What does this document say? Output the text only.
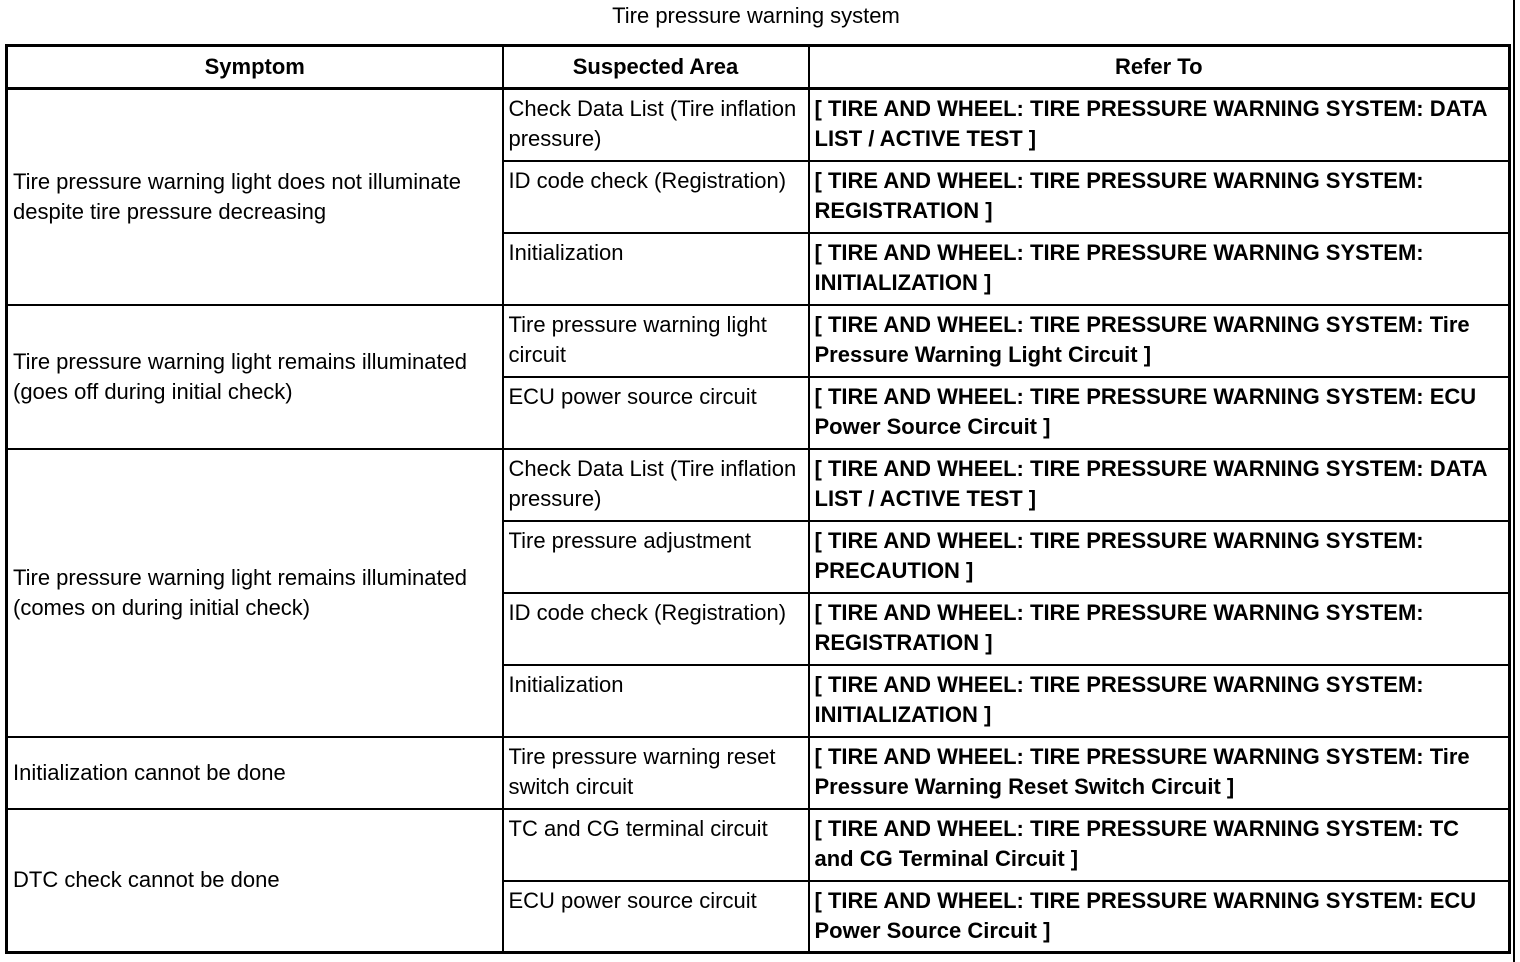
Tire pressure warning system
Symptom	Suspected Area	Refer To
Tire pressure warning light does not illuminate despite tire pressure decreasing	Check Data List (Tire inflation pressure)	[ TIRE AND WHEEL: TIRE PRESSURE WARNING SYSTEM: DATA LIST / ACTIVE TEST ]
	ID code check (Registration)	[ TIRE AND WHEEL: TIRE PRESSURE WARNING SYSTEM: REGISTRATION ]
	Initialization	[ TIRE AND WHEEL: TIRE PRESSURE WARNING SYSTEM: INITIALIZATION ]
Tire pressure warning light remains illuminated (goes off during initial check)	Tire pressure warning light circuit	[ TIRE AND WHEEL: TIRE PRESSURE WARNING SYSTEM: Tire Pressure Warning Light Circuit ]
	ECU power source circuit	[ TIRE AND WHEEL: TIRE PRESSURE WARNING SYSTEM: ECU Power Source Circuit ]
Tire pressure warning light remains illuminated (comes on during initial check)	Check Data List (Tire inflation pressure)	[ TIRE AND WHEEL: TIRE PRESSURE WARNING SYSTEM: DATA LIST / ACTIVE TEST ]
	Tire pressure adjustment	[ TIRE AND WHEEL: TIRE PRESSURE WARNING SYSTEM: PRECAUTION ]
	ID code check (Registration)	[ TIRE AND WHEEL: TIRE PRESSURE WARNING SYSTEM: REGISTRATION ]
	Initialization	[ TIRE AND WHEEL: TIRE PRESSURE WARNING SYSTEM: INITIALIZATION ]
Initialization cannot be done	Tire pressure warning reset switch circuit	[ TIRE AND WHEEL: TIRE PRESSURE WARNING SYSTEM: Tire Pressure Warning Reset Switch Circuit ]
DTC check cannot be done	TC and CG terminal circuit	[ TIRE AND WHEEL: TIRE PRESSURE WARNING SYSTEM: TC and CG Terminal Circuit ]
	ECU power source circuit	[ TIRE AND WHEEL: TIRE PRESSURE WARNING SYSTEM: ECU Power Source Circuit ]
